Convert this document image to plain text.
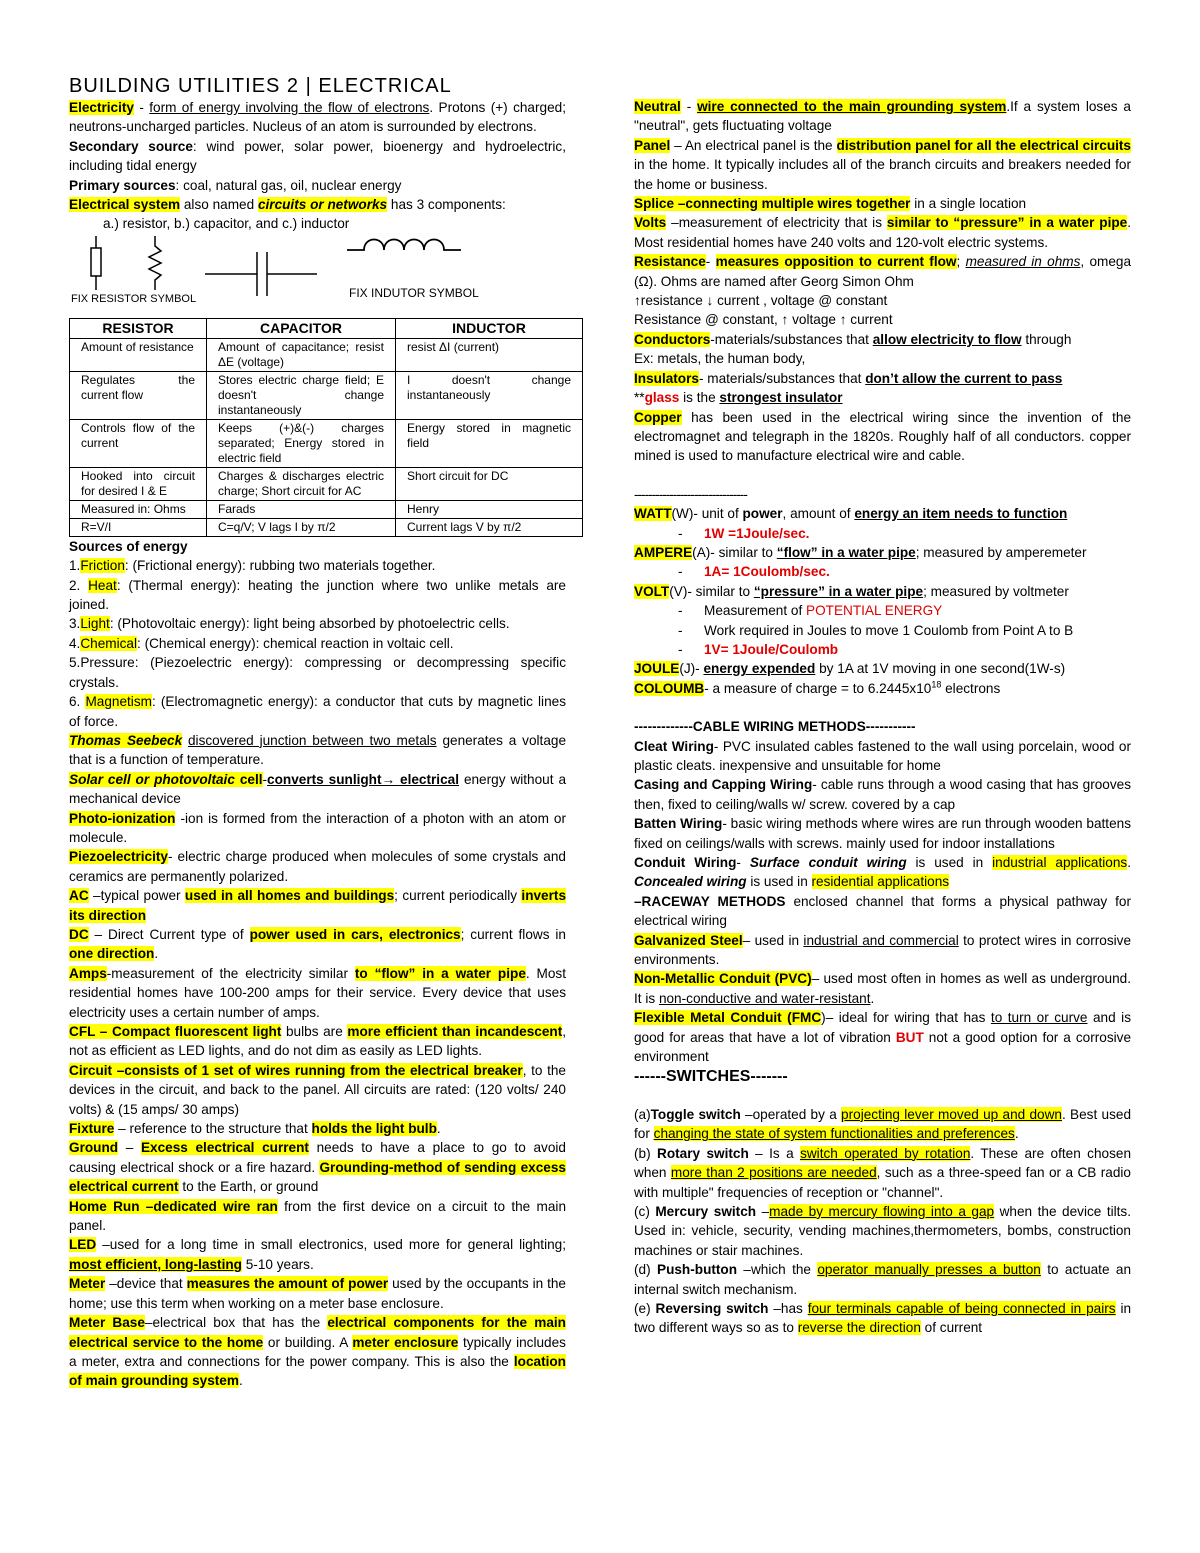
BUILDING UTILITIES 2 | ELECTRICAL

Electricity - form of energy involving the flow of electrons. Protons (+) charged; neutrons-uncharged particles. Nucleus of an atom is surrounded by electrons.

Secondary source: wind power, solar power, bioenergy and hydroelectric, including tidal energy

Primary sources: coal, natural gas, oil, nuclear energy

Electrical system also named circuits or networks has 3 components:

a.) resistor, b.) capacitor, and c.) inductor

FIX RESISTOR SYMBOL	FIX INDUTOR SYMBOL
RESISTOR	CAPACITOR	INDUCTOR
Amount of resistance	Amount of capacitance; resist ΔE (voltage)	resist ΔI (current)
Regulates the current flow	Stores electric charge field; E doesn't change instantaneously	I doesn't change instantaneously
Controls flow of the current	Keeps (+)&(-) charges separated; Energy stored in electric field	Energy stored in magnetic field
Hooked into circuit for desired I & E	Charges & discharges electric charge; Short circuit for AC	Short circuit for DC
Measured in: Ohms	Farads	Henry
R=V/I	C=q/V; V lags I by π/2	Current lags V by π/2

Sources of energy

1.Friction: (Frictional energy): rubbing two materials together.

2. Heat: (Thermal energy): heating the junction where two unlike metals are joined.

3.Light: (Photovoltaic energy): light being absorbed by photoelectric cells.

4.Chemical: (Chemical energy): chemical reaction in voltaic cell.

5.Pressure: (Piezoelectric energy): compressing or decompressing specific crystals.

6. Magnetism: (Electromagnetic energy): a conductor that cuts by magnetic lines of force.

Thomas Seebeck discovered junction between two metals generates a voltage that is a function of temperature.

Solar cell or photovoltaic cell-converts sunlight→ electrical energy without a mechanical device

Photo-ionization -ion is formed from the interaction of a photon with an atom or molecule.

Piezoelectricity- electric charge produced when molecules of some crystals and ceramics are permanently polarized.

AC –typical power used in all homes and buildings; current periodically inverts its direction

DC – Direct Current type of power used in cars, electronics; current flows in one direction.

Amps-measurement of the electricity similar to “flow” in a water pipe. Most residential homes have 100-200 amps for their service. Every device that uses electricity uses a certain number of amps.

CFL – Compact fluorescent light bulbs are more efficient than incandescent, not as efficient as LED lights, and do not dim as easily as LED lights.

Circuit –consists of 1 set of wires running from the electrical breaker, to the devices in the circuit, and back to the panel. All circuits are rated: (120 volts/ 240 volts) & (15 amps/ 30 amps)

Fixture – reference to the structure that holds the light bulb.

Ground – Excess electrical current needs to have a place to go to avoid causing electrical shock or a fire hazard. Grounding-method of sending excess electrical current to the Earth, or ground

Home Run –dedicated wire ran from the first device on a circuit to the main panel.

LED –used for a long time in small electronics, used more for general lighting; most efficient, long-lasting 5-10 years.

Meter –device that measures the amount of power used by the occupants in the home; use this term when working on a meter base enclosure.

Meter Base–electrical box that has the electrical components for the main electrical service to the home or building. A meter enclosure typically includes a meter, extra and connections for the power company. This is also the location of main grounding system.

Neutral - wire connected to the main grounding system.If a system loses a "neutral", gets fluctuating voltage

Panel – An electrical panel is the distribution panel for all the electrical circuits in the home. It typically includes all of the branch circuits and breakers needed for the home or business.

Splice –connecting multiple wires together in a single location

Volts –measurement of electricity that is similar to “pressure” in a water pipe. Most residential homes have 240 volts and 120-volt electric systems.

Resistance- measures opposition to current flow; measured in ohms, omega (Ω). Ohms are named after Georg Simon Ohm

↑resistance ↓ current , voltage @ constant

Resistance @ constant, ↑ voltage ↑ current

Conductors-materials/substances that allow electricity to flow through

Ex: metals, the human body,

Insulators- materials/substances that don’t allow the current to pass

**glass is the strongest insulator

Copper has been used in the electrical wiring since the invention of the electromagnet and telegraph in the 1820s. Roughly half of all conductors. copper mined is used to manufacture electrical wire and cable.

--------------------------------

WATT(W)- unit of power, amount of energy an item needs to function

-	1W =1Joule/sec.

AMPERE(A)- similar to “flow” in a water pipe; measured by amperemeter

-	1A= 1Coulomb/sec.

VOLT(V)- similar to “pressure” in a water pipe; measured by voltmeter

-	Measurement of POTENTIAL ENERGY
-	Work required in Joules to move 1 Coulomb from Point A to B
-	1V= 1Joule/Coulomb

JOULE(J)- energy expended by 1A at 1V moving in one second(1W-s)

COLOUMB- a measure of charge = to $6.2445x10^{18}$ electrons

-------------CABLE WIRING METHODS-----------

Cleat Wiring- PVC insulated cables fastened to the wall using porcelain, wood or plastic cleats. inexpensive and unsuitable for home

Casing and Capping Wiring- cable runs through a wood casing that has grooves then, fixed to ceiling/walls w/ screw. covered by a cap

Batten Wiring- basic wiring methods where wires are run through wooden battens fixed on ceilings/walls with screws. mainly used for indoor installations

Conduit Wiring- Surface conduit wiring is used in industrial applications. Concealed wiring is used in residential applications

–RACEWAY METHODS enclosed channel that forms a physical pathway for electrical wiring

Galvanized Steel– used in industrial and commercial to protect wires in corrosive environments.

Non-Metallic Conduit (PVC)– used most often in homes as well as underground. It is non-conductive and water-resistant.

Flexible Metal Conduit (FMC)– ideal for wiring that has to turn or curve and is good for areas that have a lot of vibration BUT not a good option for a corrosive environment

------SWITCHES-------

(a)Toggle switch –operated by a projecting lever moved up and down. Best used for changing the state of system functionalities and preferences.

(b) Rotary switch – Is a switch operated by rotation. These are often chosen when more than 2 positions are needed, such as a three-speed fan or a CB radio with multiple" frequencies of reception or "channel".

(c) Mercury switch –made by mercury flowing into a gap when the device tilts. Used in: vehicle, security, vending machines,thermometers, bombs, construction machines or stair machines.

(d) Push-button –which the operator manually presses a button to actuate an internal switch mechanism.

(e) Reversing switch –has four terminals capable of being connected in pairs in two different ways so as to reverse the direction of current
